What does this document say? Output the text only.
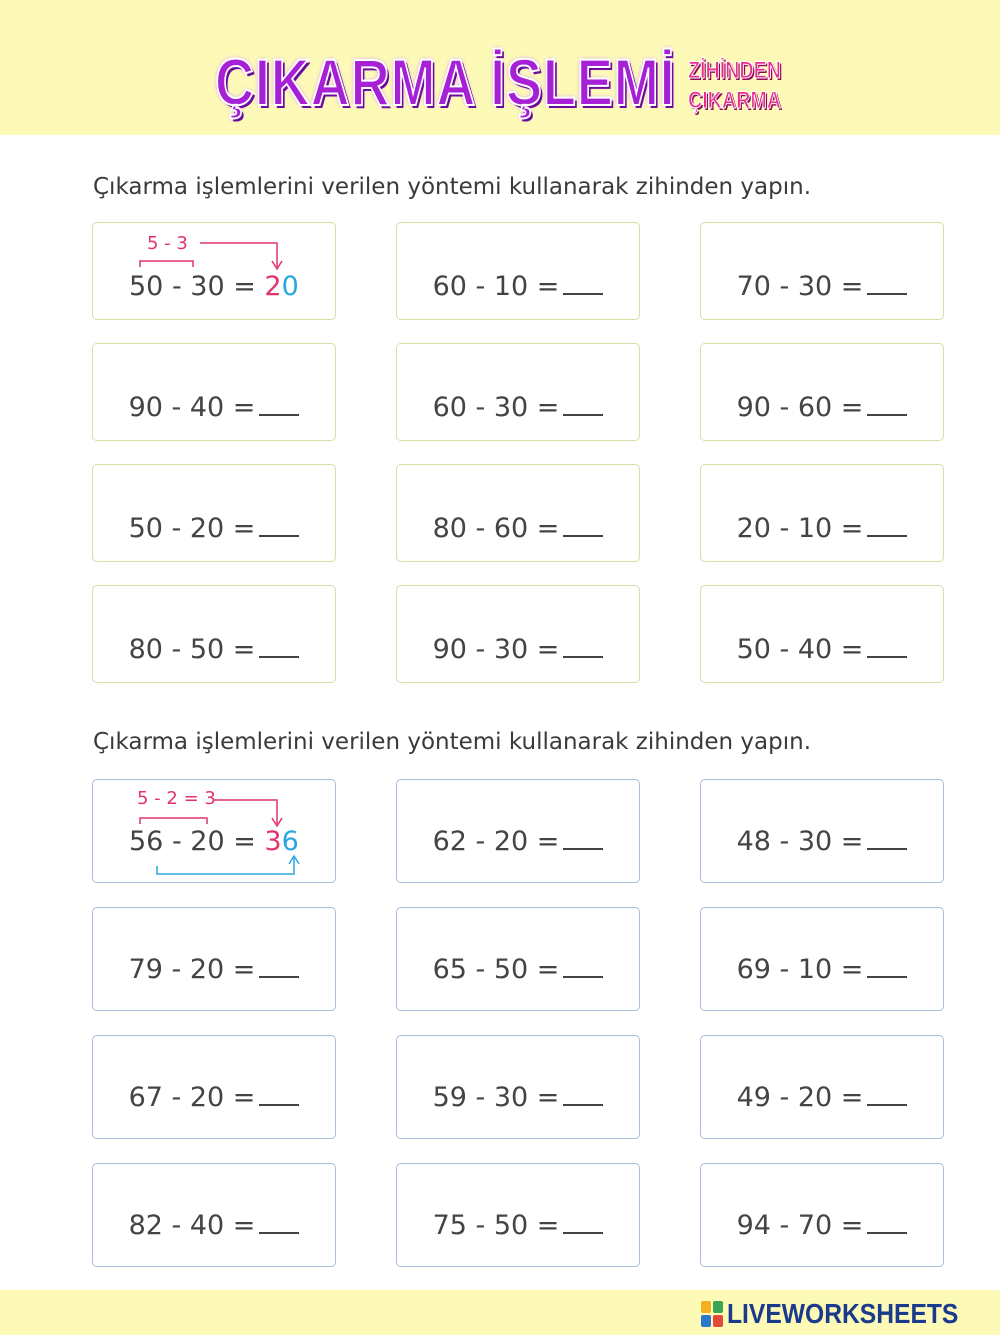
ÇIKARMA İŞLEMİ ZİHİNDEN
ÇIKARMA
Çıkarma işlemlerini verilen yöntemi kullanarak zihinden yapın.
5 - 3
50 - 30 = 20	60 - 10 =	70 - 30 =
90 - 40 =	60 - 30 =	90 - 60 =
50 - 20 =	80 - 60 =	20 - 10 =
80 - 50 =	90 - 30 =	50 - 40 =
Çıkarma işlemlerini verilen yöntemi kullanarak zihinden yapın.
5 - 2 = 3
56 - 20 = 36	62 - 20 =	48 - 30 =
79 - 20 =	65 - 50 =	69 - 10 =
67 - 20 =	59 - 30 =	49 - 20 =
82 - 40 =	75 - 50 =	94 - 70 =
LIVEWORKSHEETS
